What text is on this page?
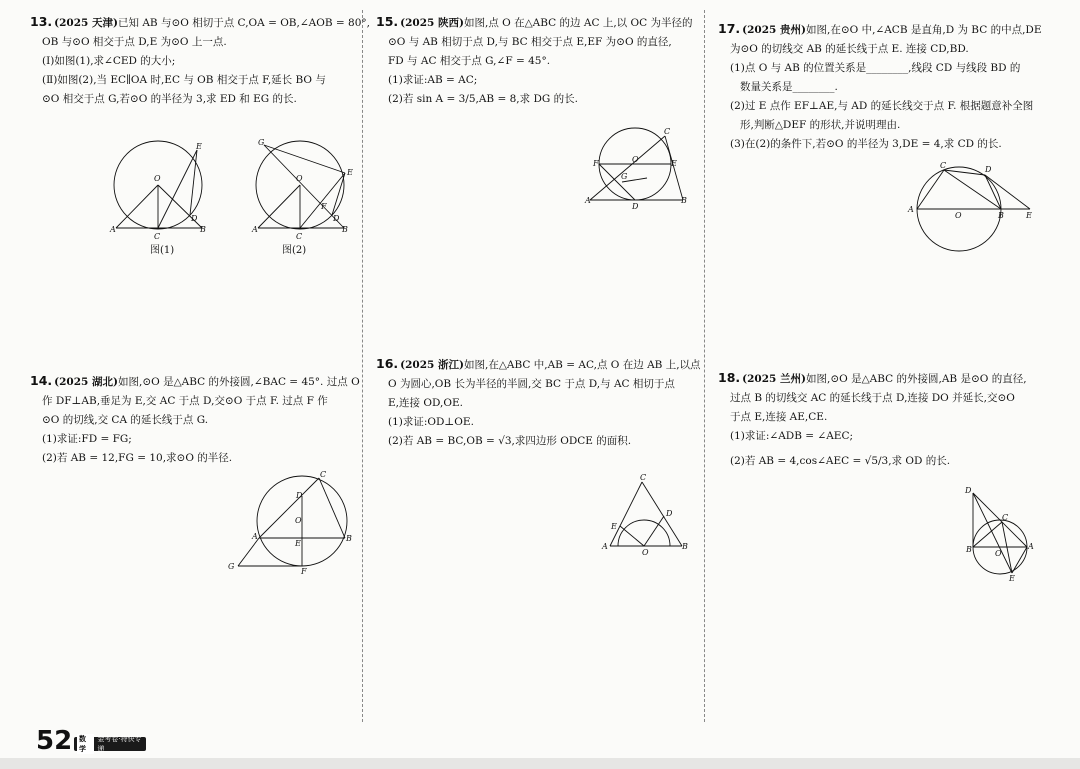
13. (2025 天津)已知 AB 与⊙O 相切于点 C,OA = OB,∠AOB = 80°,
OB 与⊙O 相交于点 D,E 为⊙O 上一点.
(Ⅰ)如图(1),求∠CED 的大小;
(Ⅱ)如图(2),当 EC∥OA 时,EC 与 OB 相交于点 F,延长 BO 与
⊙O 相交于点 G,若⊙O 的半径为 3,求 ED 和 EG 的长.
A
C
B
O
E
D
图(1)
A
C
B
O
E
G
F
D
图(2)
14. (2025 湖北)如图,⊙O 是△ABC 的外接圆,∠BAC = 45°. 过点 O
作 DF⊥AB,垂足为 E,交 AC 于点 D,交⊙O 于点 F. 过点 F 作
⊙O 的切线,交 CA 的延长线于点 G.
(1)求证:FD = FG;
(2)若 AB = 12,FG = 10,求⊙O 的半径.
C
D
O
A
E
B
G
F
15. (2025 陕西)如图,点 O 在△ABC 的边 AC 上,以 OC 为半径的
⊙O 与 AB 相切于点 D,与 BC 相交于点 E,EF 为⊙O 的直径,
FD 与 AC 相交于点 G,∠F = 45°.
(1)求证:AB = AC;
(2)若 sin A = 3/5,AB = 8,求 DG 的长.
F	E
G
O
A
D
B
C
16. (2025 浙江)如图,在△ABC 中,AB = AC,点 O 在边 AB 上,以点
O 为圆心,OB 长为半径的半圆,交 BC 于点 D,与 AC 相切于点
E,连接 OD,OE.
(1)求证:OD⊥OE.
(2)若 AB = BC,OB = √3,求四边形 ODCE 的面积.
C
E
A
O
D
B
17. (2025 贵州)如图,在⊙O 中,∠ACB 是直角,D 为 BC 的中点,DE
为⊙O 的切线交 AB 的延长线于点 E. 连接 CD,BD.
(1)点 O 与 AB 的位置关系是________,线段 CD 与线段 BD 的
数量关系是________.
(2)过 E 点作 EF⊥AE,与 AD 的延长线交于点 F. 根据题意补全图
形,判断△DEF 的形状,并说明理由.
(3)在(2)的条件下,若⊙O 的半径为 3,DE = 4,求 CD 的长.
C	D
A
O	B	E
18. (2025 兰州)如图,⊙O 是△ABC 的外接圆,AB 是⊙O 的直径,
过点 B 的切线交 AC 的延长线于点 D,连接 DO 并延长,交⊙O
于点 E,连接 AE,CE.
(1)求证:∠ADB = ∠AEC;
(2)若 AB = 4,cos∠AEC = √5/3,求 OD 的长.
D
C
B	O
A
E
52 数学
金考卷·特快专递
